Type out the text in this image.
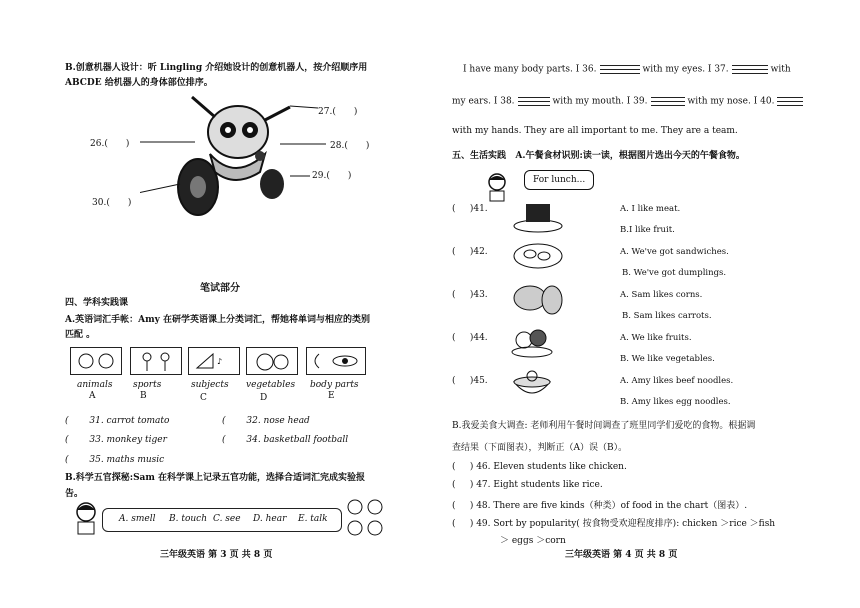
B.创意机器人设计：听 Lingling 介绍她设计的创意机器人，按介绍顺序用
ABCDE 给机器人的身体部位排序。
27.(　　)
26.(　　)	28.(　　)
29.(　　)
30.(　　)
笔试部分
四、学科实践课
A.英语词汇手帐：Amy 在研学英语课上分类词汇，帮她将单词与相应的类别
匹配 。
♪
animals
A
sports
B
subjects
C
vegetables
D
body parts
E
( 31. carrot tomato	( 32. nose head
( 33. monkey tiger	( 34. basketball football
( 35. maths music
B.科学五官探秘:Sam 在科学课上记录五官功能，选择合适词汇完成实验报
告。
A. smell B. touch C. see D. hear E. talk
三年级英语 第 3 页 共 8 页
I have many body parts. I 36.	with my eyes. I 37.	with
my ears. I 38.	with my mouth. I 39.	with my nose. I 40.
with my hands. They are all important to me. They are a team.
五、生活实践 A.午餐食材识别:读一读，根据图片选出今天的午餐食物。
For lunch...
(     )41.	A. I like meat.
B.I like fruit.
(     )42.	A. We've got sandwiches.
B. We've got dumplings.
(     )43.	A. Sam likes corns.
B. Sam likes carrots.
(     )44.	A. We like fruits.
B. We like vegetables.
(     )45.	A. Amy likes beef noodles.
B. Amy likes egg noodles.
B.我爱美食大调查: 老师利用午餐时间调查了班里同学们爱吃的食物。根据调
查结果（下面图表），判断正（A）误（B）。
(     ) 46. Eleven students like chicken.
(     ) 47. Eight students like rice.
(     ) 48. There are five kinds（种类）of food in the chart（图表）.
(     ) 49. Sort by popularity( 按食物受欢迎程度排序): chicken ＞rice ＞fish
＞ eggs ＞corn
三年级英语 第 4 页 共 8 页
